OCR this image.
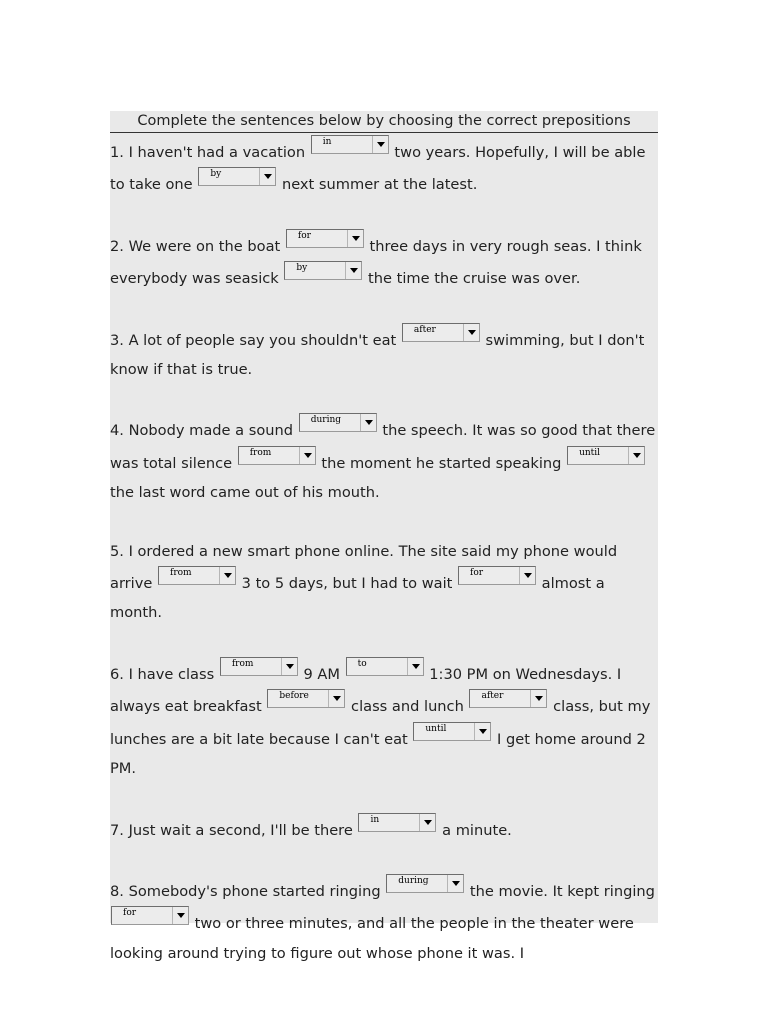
Complete the sentences below by choosing the correct prepositions
1. I haven't had a vacation
in
two years. Hopefully, I will be able to take one
by
next summer at the latest.
2. We were on the boat
for
three days in very rough seas. I think everybody was seasick
by
the time the cruise was over.
3. A lot of people say you shouldn't eat
after
swimming, but I don't know if that is true.
4. Nobody made a sound
during
the speech. It was so good that there was total silence
from
the moment he started speaking
until
the last word came out of his mouth.
5. I ordered a new smart phone online. The site said my phone would arrive
from
3 to 5 days, but I had to wait
for
almost a month.
6. I have class
from
9 AM
to
1:30 PM on Wednesdays. I always eat breakfast
before
class and lunch
after
class, but my lunches are a bit late because I can't eat
until
I get home around 2 PM.
7. Just wait a second, I'll be there
in
a minute.
8. Somebody's phone started ringing
during
the movie. It kept ringing
for
two or three minutes, and all the people in the theater were looking around trying to figure out whose phone it was. I
